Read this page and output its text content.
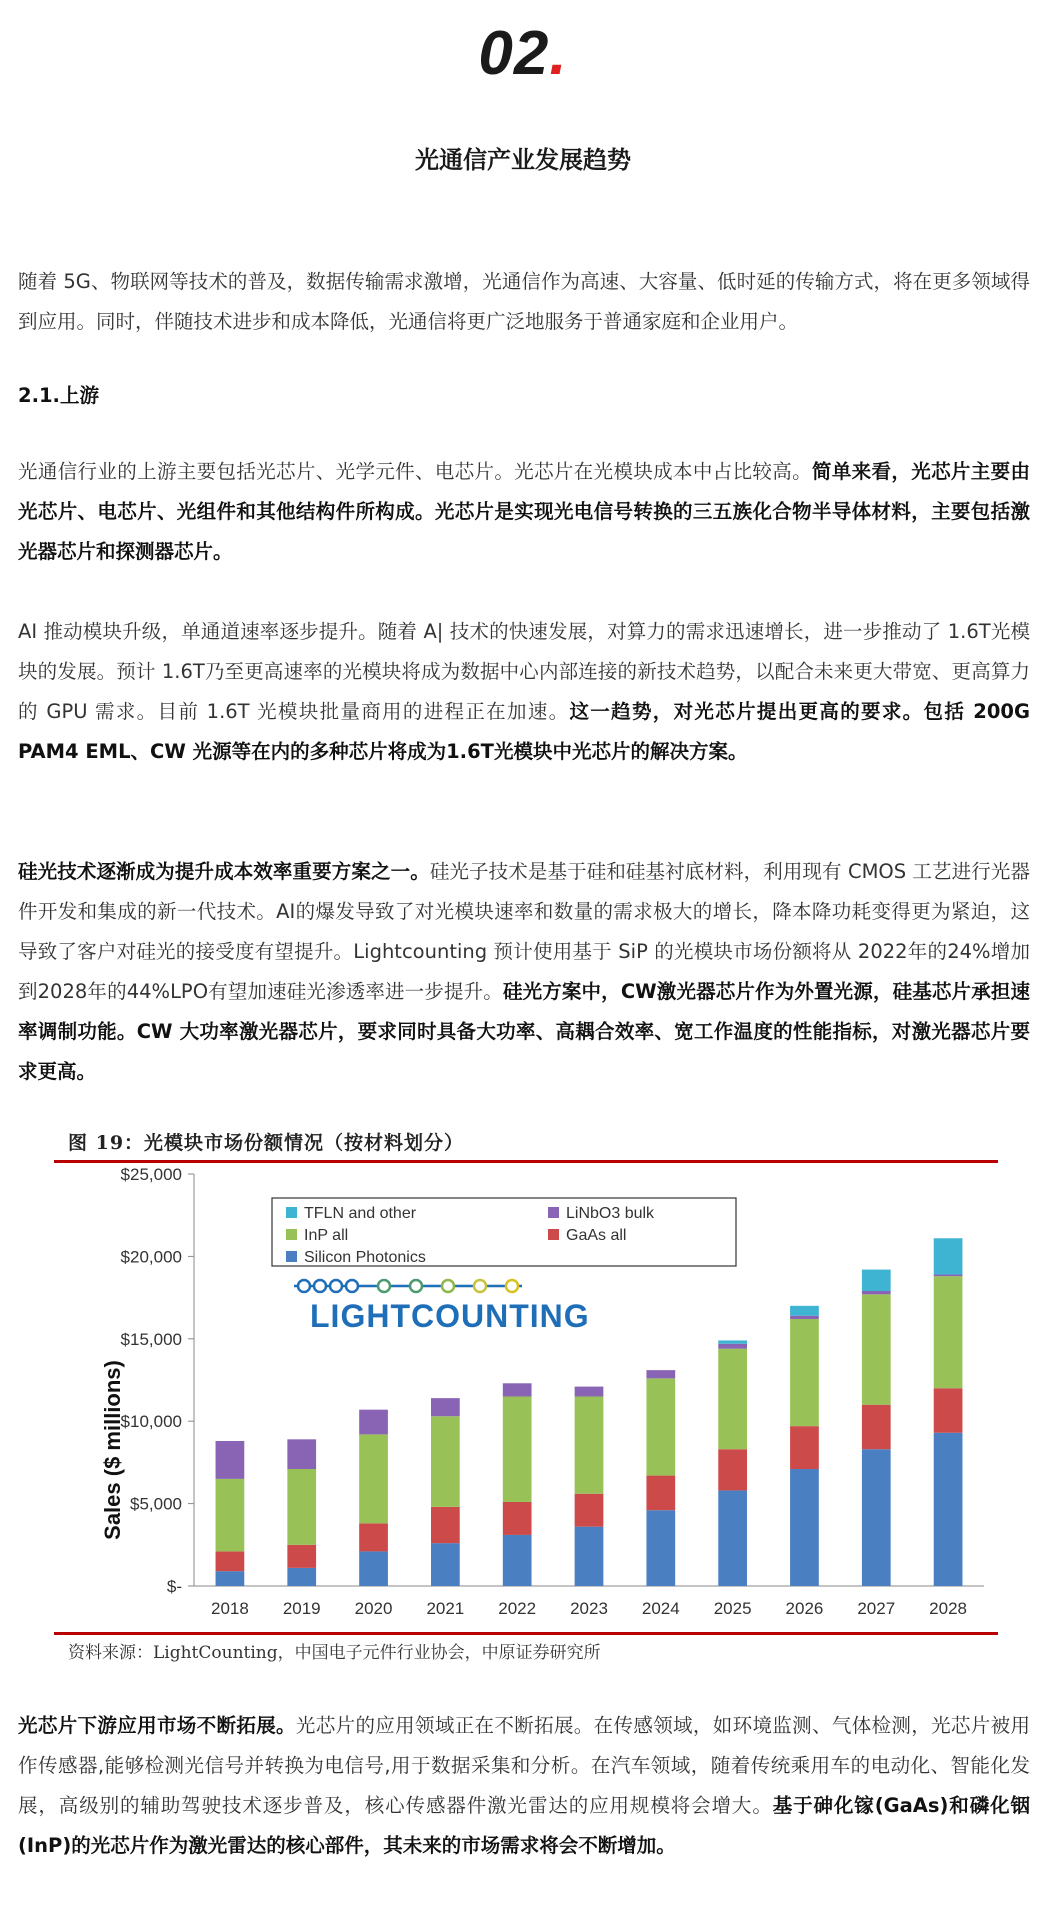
02.
光通信产业发展趋势

随着 5G、物联网等技术的普及，数据传输需求激增，光通信作为高速、大容量、低时延的传输方式，将在更多领域得到应用。同时，伴随技术进步和成本降低，光通信将更广泛地服务于普通家庭和企业用户。

2.1.上游

光通信行业的上游主要包括光芯片、光学元件、电芯片。光芯片在光模块成本中占比较高。简单来看，光芯片主要由光芯片、电芯片、光组件和其他结构件所构成。光芯片是实现光电信号转换的三五族化合物半导体材料，主要包括激光器芯片和探测器芯片。

AI 推动模块升级，单通道速率逐步提升。随着 A| 技术的快速发展，对算力的需求迅速增长，进一步推动了 1.6T光模块的发展。预计 1.6T乃至更高速率的光模块将成为数据中心内部连接的新技术趋势，以配合未来更大带宽、更高算力的 GPU 需求。目前 1.6T 光模块批量商用的进程正在加速。这一趋势，对光芯片提出更高的要求。包括 200G PAM4 EML、CW 光源等在内的多种芯片将成为1.6T光模块中光芯片的解决方案。

硅光技术逐渐成为提升成本效率重要方案之一。硅光子技术是基于硅和硅基衬底材料，利用现有 CMOS 工艺进行光器件开发和集成的新一代技术。AI的爆发导致了对光模块速率和数量的需求极大的增长，降本降功耗变得更为紧迫，这导致了客户对硅光的接受度有望提升。Lightcounting 预计使用基于 SiP 的光模块市场份额将从 2022年的24%增加到2028年的44%LPO有望加速硅光渗透率进一步提升。硅光方案中，CW激光器芯片作为外置光源，硅基芯片承担速率调制功能。CW 大功率激光器芯片，要求同时具备大功率、高耦合效率、宽工作温度的性能指标，对激光器芯片要求更高。

图 19：光模块市场份额情况（按材料划分）
2018 2019 2020 2021 2022 2023 2024 2025 2026 2027 2028
$-
$5,000
$10,000
$15,000
$20,000
$25,000
Sales ($ millions)
TFLN and other	LiNbO3 bulk
InP all	GaAs all
Silicon Photonics
LIGHTCOUNTING
资料来源：LightCounting，中国电子元件行业协会，中原证券研究所

光芯片下游应用市场不断拓展。光芯片的应用领域正在不断拓展。在传感领域，如环境监测、气体检测，光芯片被用作传感器,能够检测光信号并转换为电信号,用于数据采集和分析。在汽车领域，随着传统乘用车的电动化、智能化发展，高级别的辅助驾驶技术逐步普及，核心传感器件激光雷达的应用规模将会增大。基于砷化镓(GaAs)和磷化铟(InP)的光芯片作为激光雷达的核心部件，其未来的市场需求将会不断增加。
